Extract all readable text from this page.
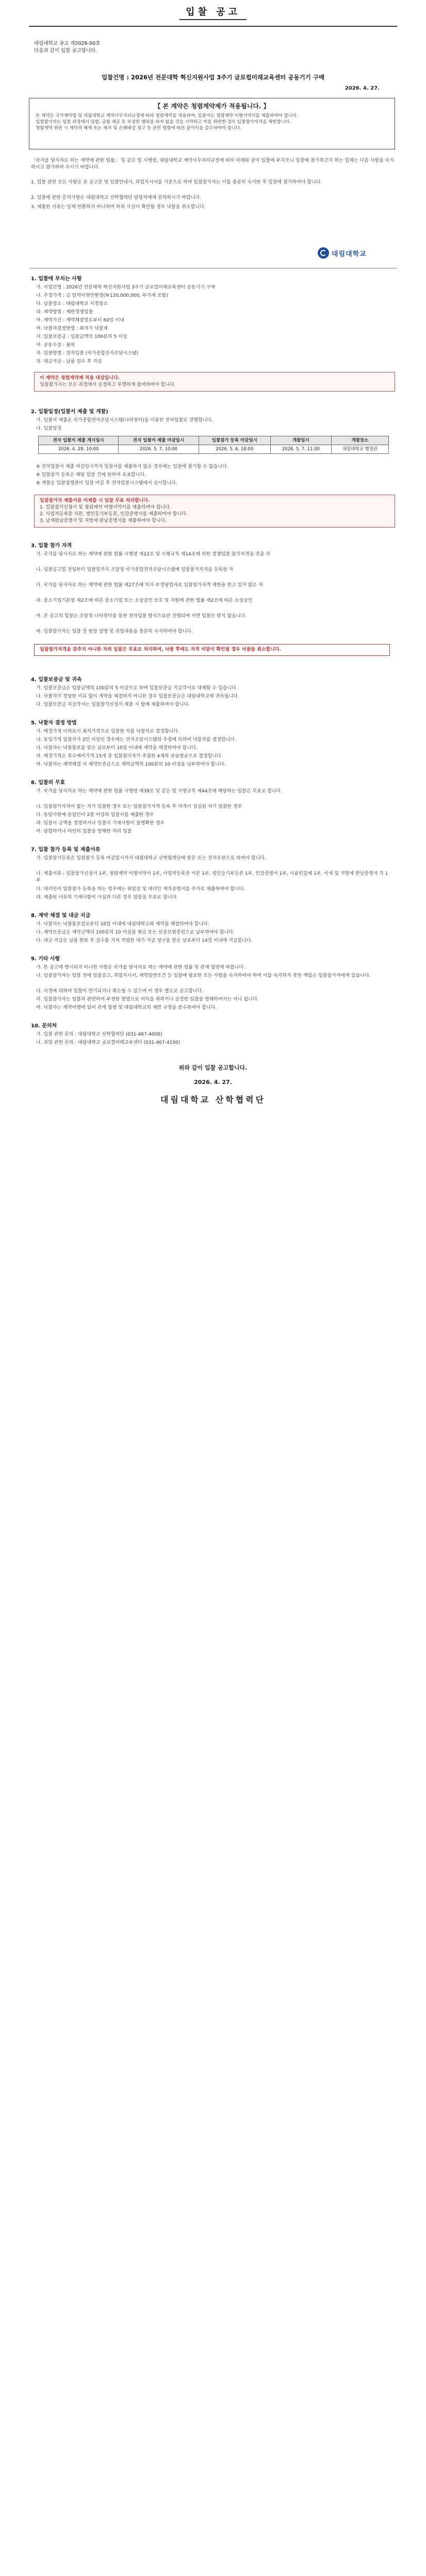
입찰 공고
대림대학교 공고 제2026-00호
다음과 같이 입찰 공고합니다.
입찰건명 : 2026년 전문대학 혁신지원사업 3주기 글로컬미래교육센터 공동기기 구매
2026. 4. 27.
【 본 계약은 청렴계약제가 적용됩니다. 】
본 계약은 국가계약법 및 대림대학교 계약사무처리규정에 따라 청렴계약을 적용하며, 입찰자는 청렴계약 이행서약서를 제출하여야 합니다.
입찰참가자는 입찰 과정에서 담합, 금품 제공 등 부정한 행위를 하지 않을 것을 서약하고 이를 위반한 경우 입찰참가자격을 제한합니다.
청렴계약 위반 시 계약의 해제 또는 해지 및 손해배상 청구 등 관련 법령에 따른 불이익을 감수하여야 합니다.
「국가를 당사자로 하는 계약에 관한 법률」 및 같은 법 시행령, 대림대학교 계약사무처리규정에 따라 아래와 같이 입찰에 부치오니 입찰에 참가하고자 하는 업체는 다음 사항을 숙지하시고 참가하여 주시기 바랍니다.
1. 입찰 관련 모든 사항은 본 공고문 및 입찰안내서, 과업지시서를 기준으로 하며 입찰참가자는 이를 충분히 숙지한 후 입찰에 참가하여야 합니다.
2. 입찰에 관한 문의사항은 대림대학교 산학협력단 담당자에게 문의하시기 바랍니다.
3. 제출된 서류는 일체 반환하지 아니하며 허위 사실이 확인될 경우 낙찰을 취소합니다.
대림대학교
1. 입찰에 부치는 사항
가. 사업건명 : 2026년 전문대학 혁신지원사업 3주기 글로컬미래교육센터 공동기기 구매
나. 추정가격 : 금 일억이천만원정(￦120,000,000, 부가세 포함)
다. 납품장소 : 대림대학교 지정장소
라. 계약방법 : 제한경쟁입찰
마. 계약기간 : 계약체결일로부터 60일 이내
바. 낙찰자결정방법 : 최저가 낙찰제
사. 입찰보증금 : 입찰금액의 100분의 5 이상
아. 공동수급 : 불허
자. 입찰방법 : 전자입찰 (국가종합전자조달시스템)
차. 대금지급 : 납품 검수 후 지급
이 계약은 청렴계약제 적용 대상입니다.
입찰참가자는 모든 과정에서 공정하고 투명하게 참여하여야 합니다.
2. 입찰일정(입찰서 제출 및 개찰)
가. 입찰서 제출은 국가종합전자조달시스템(나라장터)을 이용한 전자입찰로 진행합니다.
나. 입찰일정
전자 입찰서 제출 개시일시	전자 입찰서 제출 마감일시	입찰참가 등록 마감일시	개찰일시	개찰장소
2026. 4. 28. 10:00	2026. 5. 7. 10:00	2026. 5. 6. 18:00	2026. 5. 7. 11:00	대림대학교 행정관
※ 전자입찰서 제출 마감일시까지 입찰서를 제출하지 않은 경우에는 입찰에 참가할 수 없습니다.
※ 입찰참가 등록은 해당 입찰 건에 한하여 유효합니다.
※ 개찰은 입찰집행관이 입찰 마감 후 전자입찰시스템에서 실시합니다.
입찰참가자 제출서류 미제출 시 입찰 무효 처리합니다.
1. 입찰참가신청서 및 청렴계약 이행서약서를 제출하여야 합니다.
2. 사업자등록증 사본, 법인등기부등본, 인감증명서를 제출하여야 합니다.
3. 납세완납증명서 및 지방세 완납증명서를 제출하여야 합니다.
3. 입찰 참가 자격
가. 국가를 당사자로 하는 계약에 관한 법률 시행령 제12조 및 시행규칙 제14조에 의한 경쟁입찰 참가자격을 갖춘 자
나. 입찰공고일 전일부터 입찰일까지 조달청 국가종합전자조달시스템에 입찰참가자격을 등록한 자
다. 국가를 당사자로 하는 계약에 관한 법률 제27조에 의거 부정당업자로 입찰참가자격 제한을 받고 있지 않은 자
라. 중소기업기본법 제2조에 따른 중소기업 또는 소상공인 보호 및 지원에 관한 법률 제2조에 따른 소상공인
마. 본 공고의 입찰은 조달청 나라장터를 통한 전자입찰 방식으로만 진행되며 서면 입찰은 받지 않습니다.
바. 입찰참가자는 입찰 전 현장 설명 및 과업내용을 충분히 숙지하여야 합니다.
입찰참가자격을 갖추지 아니한 자의 입찰은 무효로 처리하며, 낙찰 후에도 자격 미달이 확인될 경우 낙찰을 취소합니다.
4. 입찰보증금 및 귀속
가. 입찰보증금은 입찰금액의 100분의 5 이상으로 하며 입찰보증금 지급각서로 대체할 수 있습니다.
나. 낙찰자가 정당한 이유 없이 계약을 체결하지 아니한 경우 입찰보증금은 대림대학교에 귀속됩니다.
다. 입찰보증금 지급각서는 입찰참가신청서 제출 시 함께 제출하여야 합니다.
5. 낙찰자 결정 방법
가. 예정가격 이하로서 최저가격으로 입찰한 자를 낙찰자로 결정합니다.
나. 동일가격 입찰자가 2인 이상인 경우에는 전자조달시스템의 추첨에 의하여 낙찰자를 결정합니다.
다. 낙찰자는 낙찰통보를 받은 날로부터 10일 이내에 계약을 체결하여야 합니다.
라. 예정가격은 복수예비가격 15개 중 입찰참가자가 추첨한 4개의 산술평균으로 결정합니다.
마. 낙찰자는 계약체결 시 계약보증금으로 계약금액의 100분의 10 이상을 납부하여야 합니다.
6. 입찰의 무효
가. 국가를 당사자로 하는 계약에 관한 법률 시행령 제39조 및 같은 법 시행규칙 제44조에 해당하는 입찰은 무효로 합니다.
나. 입찰참가자격이 없는 자가 입찰한 경우 또는 입찰참가자격 등록 후 자격이 상실된 자가 입찰한 경우
다. 동일사항에 동일인이 2통 이상의 입찰서를 제출한 경우
라. 입찰서 금액을 정정하거나 입찰서 기재사항이 불명확한 경우
마. 담합하거나 타인의 입찰을 방해한 자의 입찰
7. 입찰 참가 등록 및 제출서류
가. 입찰참가등록은 입찰참가 등록 마감일시까지 대림대학교 산학협력단에 방문 또는 전자우편으로 하여야 합니다.
나. 제출서류 : 입찰참가신청서 1부, 청렴계약 이행서약서 1부, 사업자등록증 사본 1부, 법인등기부등본 1부, 인감증명서 1부, 사용인감계 1부, 국세 및 지방세 완납증명서 각 1부
다. 대리인이 입찰참가 등록을 하는 경우에는 위임장 및 대리인 재직증명서를 추가로 제출하여야 합니다.
라. 제출된 서류의 기재사항이 사실과 다른 경우 입찰을 무효로 합니다.
8. 계약 체결 및 대금 지급
가. 낙찰자는 낙찰통보일로부터 10일 이내에 대림대학교와 계약을 체결하여야 합니다.
나. 계약보증금은 계약금액의 100분의 10 이상을 현금 또는 보증보험증권으로 납부하여야 합니다.
다. 대금 지급은 납품 완료 후 검수를 거쳐 적법한 대가 지급 청구를 받은 날로부터 14일 이내에 지급합니다.
9. 기타 사항
가. 본 공고에 명시되지 아니한 사항은 국가를 당사자로 하는 계약에 관한 법률 및 관계 법령에 따릅니다.
나. 입찰참가자는 입찰 전에 입찰공고, 과업지시서, 계약일반조건 등 입찰에 필요한 모든 사항을 숙지하여야 하며 이를 숙지하지 못한 책임은 입찰참가자에게 있습니다.
다. 사정에 의하여 입찰이 연기되거나 취소될 수 있으며 이 경우 별도로 공고합니다.
라. 입찰참가자는 입찰과 관련하여 부정한 방법으로 이익을 취하거나 공정한 입찰을 방해하여서는 아니 됩니다.
마. 낙찰자는 계약이행에 있어 관계 법령 및 대림대학교의 제반 규정을 준수하여야 합니다.
10. 문의처
가. 입찰 관련 문의 : 대림대학교 산학협력단 (031-467-4000)
나. 과업 관련 문의 : 대림대학교 글로컬미래교육센터 (031-467-4100)
위와 같이 입찰 공고합니다.
2026. 4. 27.
대림대학교 산학협력단
